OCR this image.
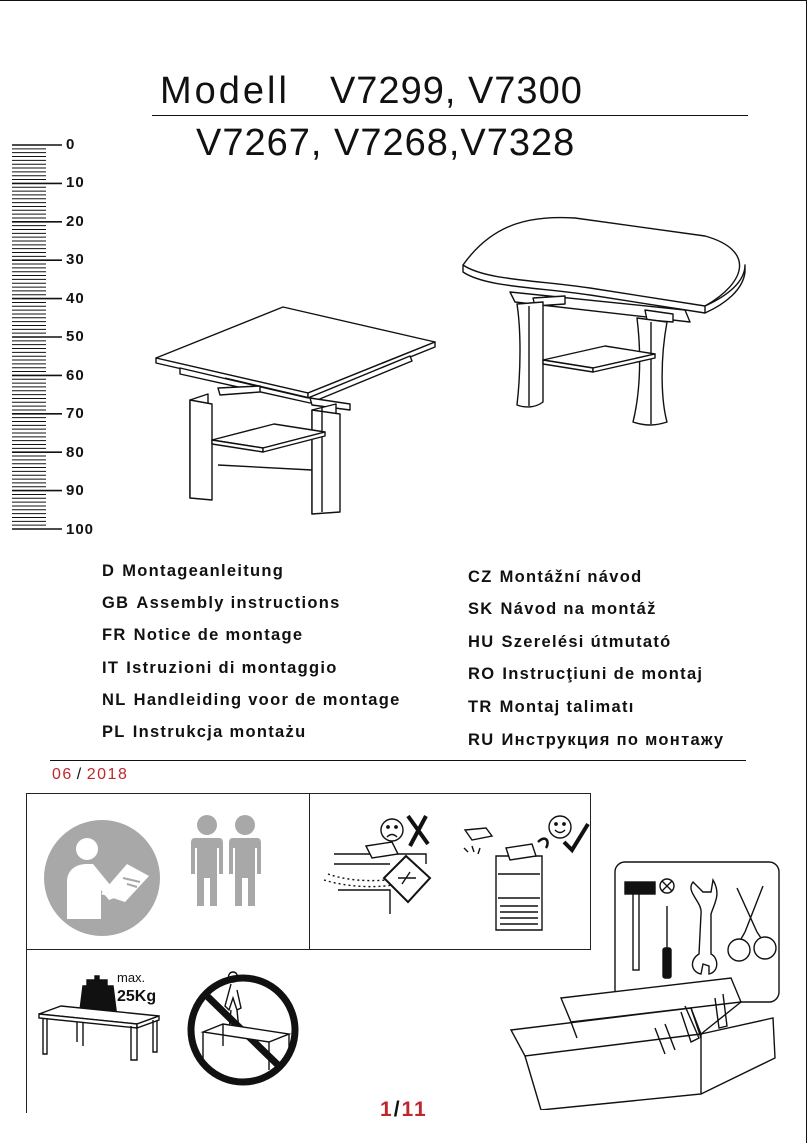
Modell V7299, V7300
V7267, V7268,V7328
0
10
20
30
40
50
60
70
80
90
100
D Montageanleitung
GB Assembly instructions
FR Notice de montage
IT Istruzioni di montaggio
NL Handleiding voor de montage
PL Instrukcja montażu
CZ Montážní návod
SK Návod na montáž
HU Szerelési útmutató
RO Instrucţiuni de montaj
TR Montaj talimatı
RU Инструкция по монтажу
06 / 2018
max.
25Kg
1/11
